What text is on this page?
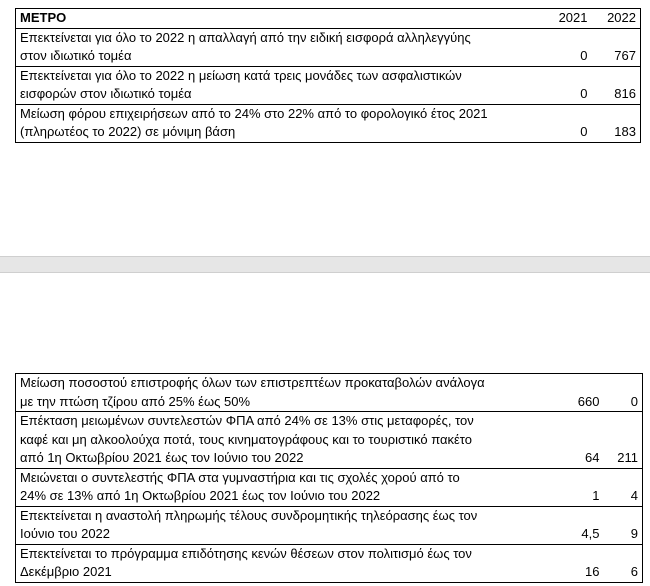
ΜΕΤΡΟ	2021	2022
Επεκτείνεται για όλο το 2022 η απαλλαγή από την ειδική εισφορά αλληλεγγύης		
στον ιδιωτικό τομέα	0	767
Επεκτείνεται για όλο το 2022 η μείωση κατά τρεις μονάδες των ασφαλιστικών		
εισφορών στον ιδιωτικό τομέα	0	816
Μείωση φόρου επιχειρήσεων από το 24% στο 22% από το φορολογικό έτος 2021		
(πληρωτέος το 2022) σε μόνιμη βάση	0	183
Μείωση ποσοστού επιστροφής όλων των επιστρεπτέων προκαταβολών ανάλογα		
με την πτώση τζίρου από 25% έως 50%	660	0
Επέκταση μειωμένων συντελεστών ΦΠΑ από 24% σε 13% στις μεταφορές, τον		
καφέ και μη αλκοολούχα ποτά, τους κινηματογράφους και το τουριστικό πακέτο		
από 1η Οκτωβρίου 2021 έως τον Ιούνιο του 2022	64	211
Μειώνεται ο συντελεστής ΦΠΑ στα γυμναστήρια και τις σχολές χορού από το		
24% σε 13% από 1η Οκτωβρίου 2021 έως τον Ιούνιο του 2022	1	4
Επεκτείνεται η αναστολή πληρωμής τέλους συνδρομητικής τηλεόρασης έως τον		
Ιούνιο του 2022	4,5	9
Επεκτείνεται το πρόγραμμα επιδότησης κενών θέσεων στον πολιτισμό έως τον		
Δεκέμβριο 2021	16	6
